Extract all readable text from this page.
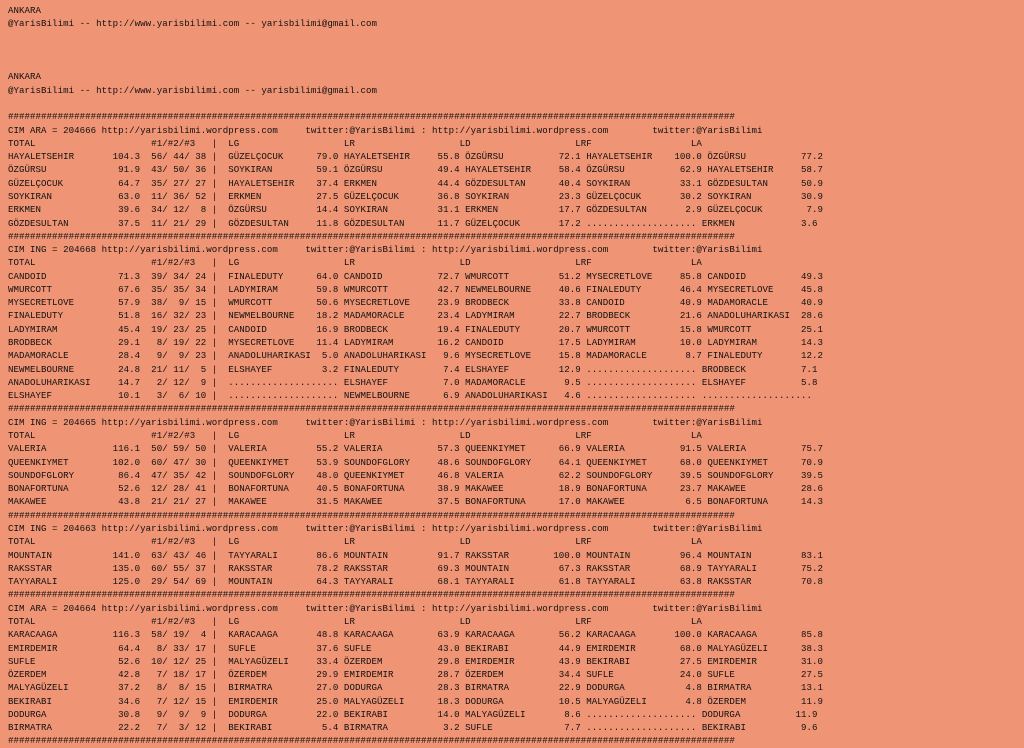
ANKARA
@YarisBilimi -- http://www.yarisbilimi.com -- yarisbilimi@gmail.com

ANKARA
@YarisBilimi -- http://www.yarisbilimi.com -- yarisbilimi@gmail.com

####################################################################################################################################
CIM ARA = 204666 http://yarisbilimi.wordpress.com     twitter:@YarisBilimi : http://yarisbilimi.wordpress.com        twitter:@YarisBilimi
TOTAL                     #1/#2/#3   |  LG                   LR                   LD                   LRF                  LA
HAYALETSEHIR       104.3  56/ 44/ 38 |  GÜZELÇOCUK      79.0 HAYALETSEHIR     55.8 ÖZGÜRSU          72.1 HAYALETSEHIR    100.0 ÖZGÜRSU          77.2
ÖZGÜRSU             91.9  43/ 50/ 36 |  SOYKIRAN        59.1 ÖZGÜRSU          49.4 HAYALETSEHIR     58.4 ÖZGÜRSU          62.9 HAYALETSEHIR     58.7
GÜZELÇOCUK          64.7  35/ 27/ 27 |  HAYALETSEHIR    37.4 ERKMEN           44.4 GÖZDESULTAN      40.4 SOYKIRAN         33.1 GÖZDESULTAN      50.9
SOYKIRAN            63.0  11/ 36/ 52 |  ERKMEN          27.5 GÜZELÇOCUK       36.8 SOYKIRAN         23.3 GÜZELÇOCUK       30.2 SOYKIRAN         30.9
ERKMEN              39.6  34/ 12/  8 |  ÖZGÜRSU         14.4 SOYKIRAN         31.1 ERKMEN           17.7 GÖZDESULTAN       2.9 GÜZELÇOCUK        7.9
GÖZDESULTAN         37.5  11/ 21/ 29 |  GÖZDESULTAN     11.8 GÖZDESULTAN      11.7 GÜZELÇOCUK       17.2 .................... ERKMEN            3.6
####################################################################################################################################
CIM ING = 204668 http://yarisbilimi.wordpress.com     twitter:@YarisBilimi : http://yarisbilimi.wordpress.com        twitter:@YarisBilimi
TOTAL                     #1/#2/#3   |  LG                   LR                   LD                   LRF                  LA
CANDOID             71.3  39/ 34/ 24 |  FINALEDUTY      64.0 CANDOID          72.7 WMURCOTT         51.2 MYSECRETLOVE     85.8 CANDOID          49.3
WMURCOTT            67.6  35/ 35/ 34 |  LADYMIRAM       59.8 WMURCOTT         42.7 NEWMELBOURNE     40.6 FINALEDUTY       46.4 MYSECRETLOVE     45.8
MYSECRETLOVE        57.9  38/  9/ 15 |  WMURCOTT        50.6 MYSECRETLOVE     23.9 BRODBECK         33.8 CANDOID          40.9 MADAMORACLE      40.9
FINALEDUTY          51.8  16/ 32/ 23 |  NEWMELBOURNE    18.2 MADAMORACLE      23.4 LADYMIRAM        22.7 BRODBECK         21.6 ANADOLUHARIKASI  28.6
LADYMIRAM           45.4  19/ 23/ 25 |  CANDOID         16.9 BRODBECK         19.4 FINALEDUTY       20.7 WMURCOTT         15.8 WMURCOTT         25.1
BRODBECK            29.1   8/ 19/ 22 |  MYSECRETLOVE    11.4 LADYMIRAM        16.2 CANDOID          17.5 LADYMIRAM        10.0 LADYMIRAM        14.3
MADAMORACLE         28.4   9/  9/ 23 |  ANADOLUHARIKASI  5.0 ANADOLUHARIKASI   9.6 MYSECRETLOVE     15.8 MADAMORACLE       8.7 FINALEDUTY       12.2
NEWMELBOURNE        24.8  21/ 11/  5 |  ELSHAYEF         3.2 FINALEDUTY        7.4 ELSHAYEF         12.9 .................... BRODBECK          7.1
ANADOLUHARIKASI     14.7   2/ 12/  9 |  .................... ELSHAYEF          7.0 MADAMORACLE       9.5 .................... ELSHAYEF          5.8
ELSHAYEF            10.1   3/  6/ 10 |  .................... NEWMELBOURNE      6.9 ANADOLUHARIKASI   4.6 .................... ....................
####################################################################################################################################
CIM ING = 204665 http://yarisbilimi.wordpress.com     twitter:@YarisBilimi : http://yarisbilimi.wordpress.com        twitter:@YarisBilimi
TOTAL                     #1/#2/#3   |  LG                   LR                   LD                   LRF                  LA
VALERIA            116.1  50/ 59/ 50 |  VALERIA         55.2 VALERIA          57.3 QUEENKIYMET      66.9 VALERIA          91.5 VALERIA          75.7
QUEENKIYMET        102.0  60/ 47/ 30 |  QUEENKIYMET     53.9 SOUNDOFGLORY     48.6 SOUNDOFGLORY     64.1 QUEENKIYMET      68.0 QUEENKIYMET      70.9
SOUNDOFGLORY        86.4  47/ 35/ 42 |  SOUNDOFGLORY    48.0 QUEENKIYMET      46.8 VALERIA          62.2 SOUNDOFGLORY     39.5 SOUNDOFGLORY     39.5
BONAFORTUNA         52.6  12/ 28/ 41 |  BONAFORTUNA     40.5 BONAFORTUNA      38.9 MAKAWEE          18.9 BONAFORTUNA      23.7 MAKAWEE          28.6
MAKAWEE             43.8  21/ 21/ 27 |  MAKAWEE         31.5 MAKAWEE          37.5 BONAFORTUNA      17.0 MAKAWEE           6.5 BONAFORTUNA      14.3
####################################################################################################################################
CIM ING = 204663 http://yarisbilimi.wordpress.com     twitter:@YarisBilimi : http://yarisbilimi.wordpress.com        twitter:@YarisBilimi
TOTAL                     #1/#2/#3   |  LG                   LR                   LD                   LRF                  LA
MOUNTAIN           141.0  63/ 43/ 46 |  TAYYARALI       86.6 MOUNTAIN         91.7 RAKSSTAR        100.0 MOUNTAIN         96.4 MOUNTAIN         83.1
RAKSSTAR           135.0  60/ 55/ 37 |  RAKSSTAR        78.2 RAKSSTAR         69.3 MOUNTAIN         67.3 RAKSSTAR         68.9 TAYYARALI        75.2
TAYYARALI          125.0  29/ 54/ 69 |  MOUNTAIN        64.3 TAYYARALI        68.1 TAYYARALI        61.8 TAYYARALI        63.8 RAKSSTAR         70.8
####################################################################################################################################
CIM ARA = 204664 http://yarisbilimi.wordpress.com     twitter:@YarisBilimi : http://yarisbilimi.wordpress.com        twitter:@YarisBilimi
TOTAL                     #1/#2/#3   |  LG                   LR                   LD                   LRF                  LA
KARACAAGA          116.3  58/ 19/  4 |  KARACAAGA       48.8 KARACAAGA        63.9 KARACAAGA        56.2 KARACAAGA       100.0 KARACAAGA        85.8
EMIRDEMIR           64.4   8/ 33/ 17 |  SUFLE           37.6 SUFLE            43.0 BEKIRABI         44.9 EMIRDEMIR        68.0 MALYAGÜZELI      38.3
SUFLE               52.6  10/ 12/ 25 |  MALYAGÜZELI     33.4 ÖZERDEM          29.8 EMIRDEMIR        43.9 BEKIRABI         27.5 EMIRDEMIR        31.0
ÖZERDEM             42.8   7/ 18/ 17 |  ÖZERDEM         29.9 EMIRDEMIR        28.7 ÖZERDEM          34.4 SUFLE            24.0 SUFLE            27.5
MALYAGÜZELI         37.2   8/  8/ 15 |  BIRMATRA        27.0 DODURGA          28.3 BIRMATRA         22.9 DODURGA           4.8 BIRMATRA         13.1
BEKIRABI            34.6   7/ 12/ 15 |  EMIRDEMIR       25.0 MALYAGÜZELI      18.3 DODURGA          10.5 MALYAGÜZELI       4.8 ÖZERDEM          11.9
DODURGA             30.8   9/  9/  9 |  DODURGA         22.0 BEKIRABI         14.0 MALYAGÜZELI       8.6 .................... DODURGA          11.9
BIRMATRA            22.2   7/  3/ 12 |  BEKIRABI         5.4 BIRMATRA          3.2 SUFLE             7.7 .................... BEKIRABI          9.6
####################################################################################################################################
